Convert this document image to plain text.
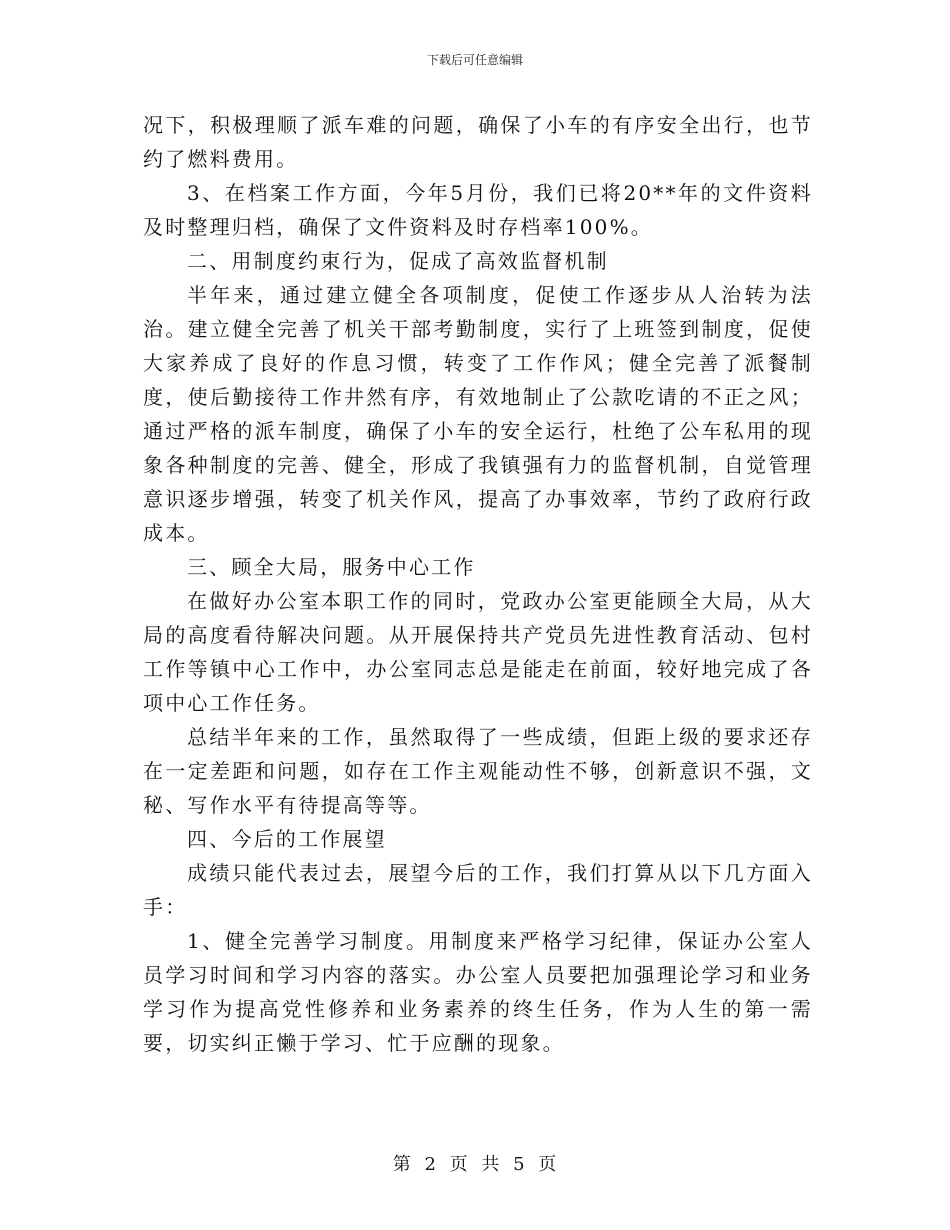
下载后可任意编辑

况下，积极理顺了派车难的问题，确保了小车的有序安全出行，也节约了燃料费用。

3、在档案工作方面，今年5月份，我们已将20**年的文件资料及时整理归档，确保了文件资料及时存档率100%。

二、用制度约束行为，促成了高效监督机制

半年来，通过建立健全各项制度，促使工作逐步从人治转为法治。建立健全完善了机关干部考勤制度，实行了上班签到制度，促使大家养成了良好的作息习惯，转变了工作作风；健全完善了派餐制度，使后勤接待工作井然有序，有效地制止了公款吃请的不正之风；通过严格的派车制度，确保了小车的安全运行，杜绝了公车私用的现象各种制度的完善、健全，形成了我镇强有力的监督机制，自觉管理意识逐步增强，转变了机关作风，提高了办事效率，节约了政府行政成本。

三、顾全大局，服务中心工作

在做好办公室本职工作的同时，党政办公室更能顾全大局，从大局的高度看待解决问题。从开展保持共产党员先进性教育活动、包村工作等镇中心工作中，办公室同志总是能走在前面，较好地完成了各项中心工作任务。

总结半年来的工作，虽然取得了一些成绩，但距上级的要求还存在一定差距和问题，如存在工作主观能动性不够，创新意识不强，文秘、写作水平有待提高等等。

四、今后的工作展望

成绩只能代表过去，展望今后的工作，我们打算从以下几方面入手：

1、健全完善学习制度。用制度来严格学习纪律，保证办公室人员学习时间和学习内容的落实。办公室人员要把加强理论学习和业务学习作为提高党性修养和业务素养的终生任务，作为人生的第一需要，切实纠正懒于学习、忙于应酬的现象。

第 2 页 共 5 页
